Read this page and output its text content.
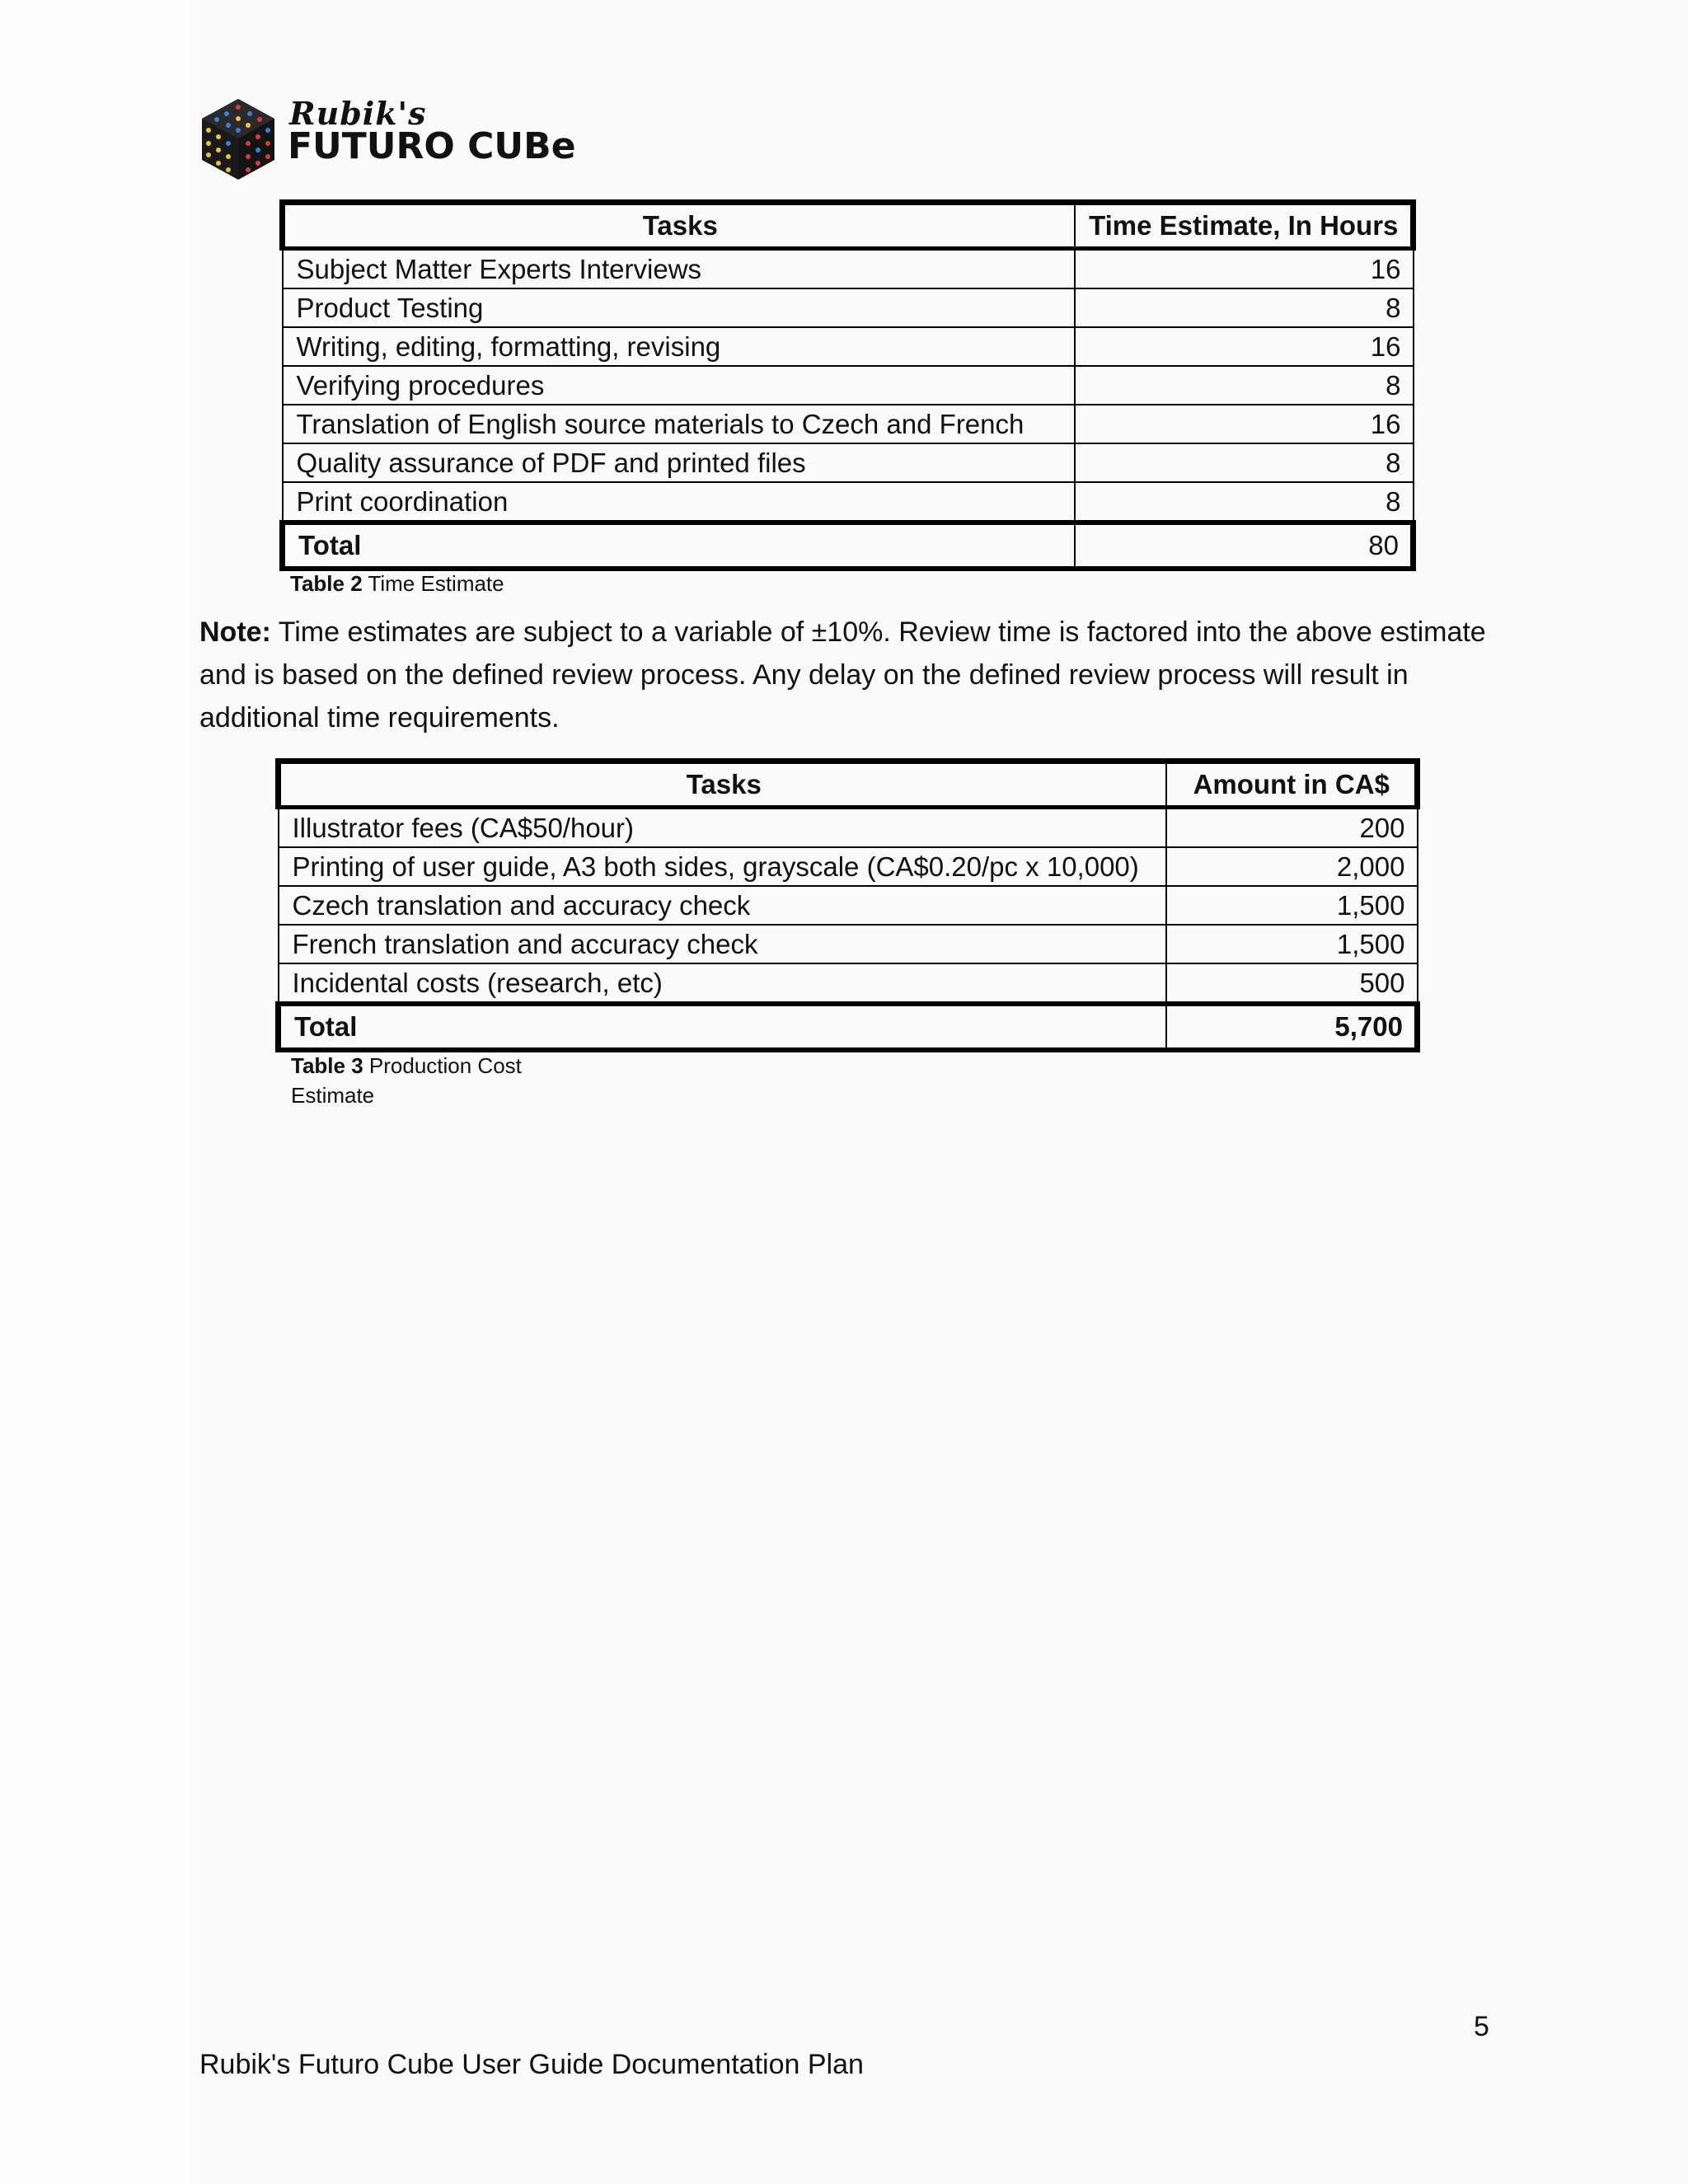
Rubik's
FUTURO CUBe
Tasks	Time Estimate, In Hours
Subject Matter Experts Interviews	16
Product Testing	8
Writing, editing, formatting, revising	16
Verifying procedures	8
Translation of English source materials to Czech and French	16
Quality assurance of PDF and printed files	8
Print coordination	8
Total	80
Table 2 Time Estimate
Note: Time estimates are subject to a variable of ±10%. Review time is factored into the above estimate and is based on the defined review process. Any delay on the defined review process will result in additional time requirements.
Tasks	Amount in CA$
Illustrator fees (CA$50/hour)	200
Printing of user guide, A3 both sides, grayscale (CA$0.20/pc x 10,000)	2,000
Czech translation and accuracy check	1,500
French translation and accuracy check	1,500
Incidental costs (research, etc)	500
Total	5,700
Table 3 Production Cost Estimate
5
Rubik's Futuro Cube User Guide Documentation Plan
